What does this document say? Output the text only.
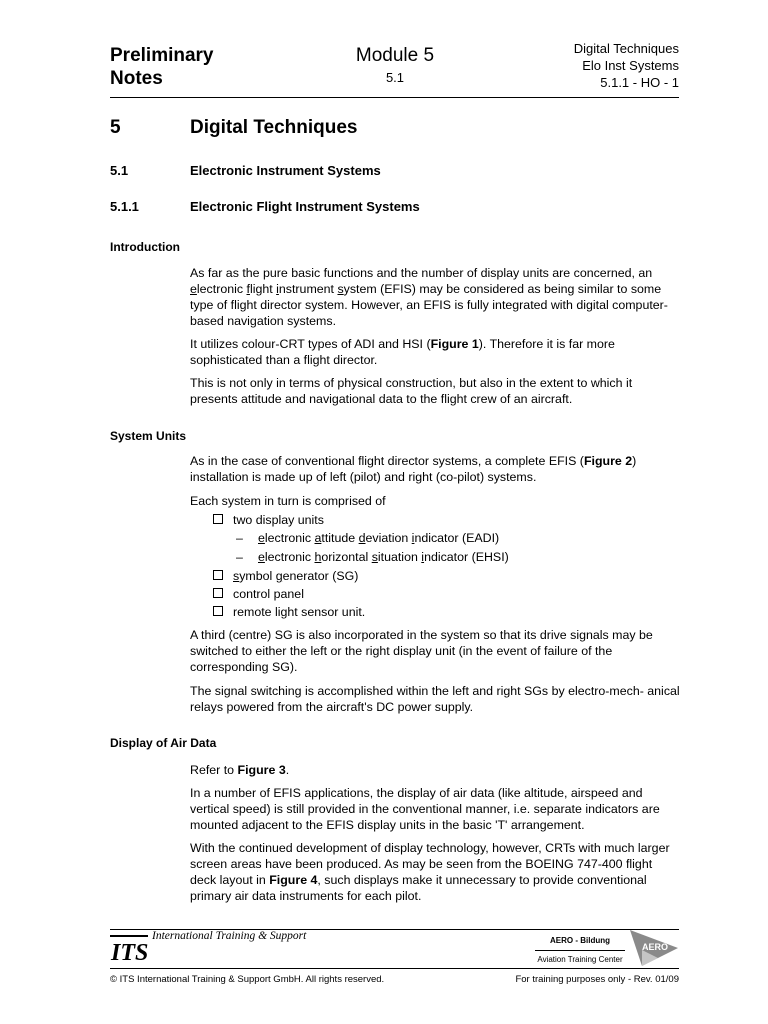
Preliminary
Notes
Module 5
5.1
Digital Techniques
Elo Inst Systems
5.1.1 - HO - 1
5	Digital Techniques
5.1	Electronic Instrument Systems
5.1.1	Electronic Flight Instrument Systems
Introduction
As far as the pure basic functions and the number of display units are concerned, an
electronic flight instrument system (EFIS) may be considered as being similar to some type of flight director system. However, an EFIS is fully integrated with digital computer-based navigation systems.
It utilizes colour-CRT types of ADI and HSI (Figure 1). Therefore it is far more sophisticated than a flight director.
This is not only in terms of physical construction, but also in the extent to which it presents attitude and navigational data to the flight crew of an aircraft.
System Units
As in the case of conventional flight director systems, a complete EFIS (Figure 2) installation is made up of left (pilot) and right (co-pilot) systems.
Each system in turn is comprised of
two display units
– electronic attitude deviation indicator (EADI)
– electronic horizontal situation indicator (EHSI)
symbol generator (SG)
control panel
remote light sensor unit.
A third (centre) SG is also incorporated in the system so that its drive signals may be switched to either the left or the right display unit (in the event of failure of the corresponding SG).
The signal switching is accomplished within the left and right SGs by electro-mech- anical relays powered from the aircraft's DC power supply.
Display of Air Data
Refer to Figure 3.
In a number of EFIS applications, the display of air data (like altitude, airspeed and vertical speed) is still provided in the conventional manner, i.e. separate indicators are mounted adjacent to the EFIS display units in the basic 'T' arrangement.
With the continued development of display technology, however, CRTs with much larger screen areas have been produced. As may be seen from the BOEING 747-400 flight deck layout in Figure 4, such displays make it unnecessary to provide conventional primary air data instruments for each pilot.
ITS
International Training & Support	AERO - Bildung
Aviation Training Center
AERO
© ITS International Training & Support GmbH. All rights reserved.	For training purposes only - Rev. 01/09
